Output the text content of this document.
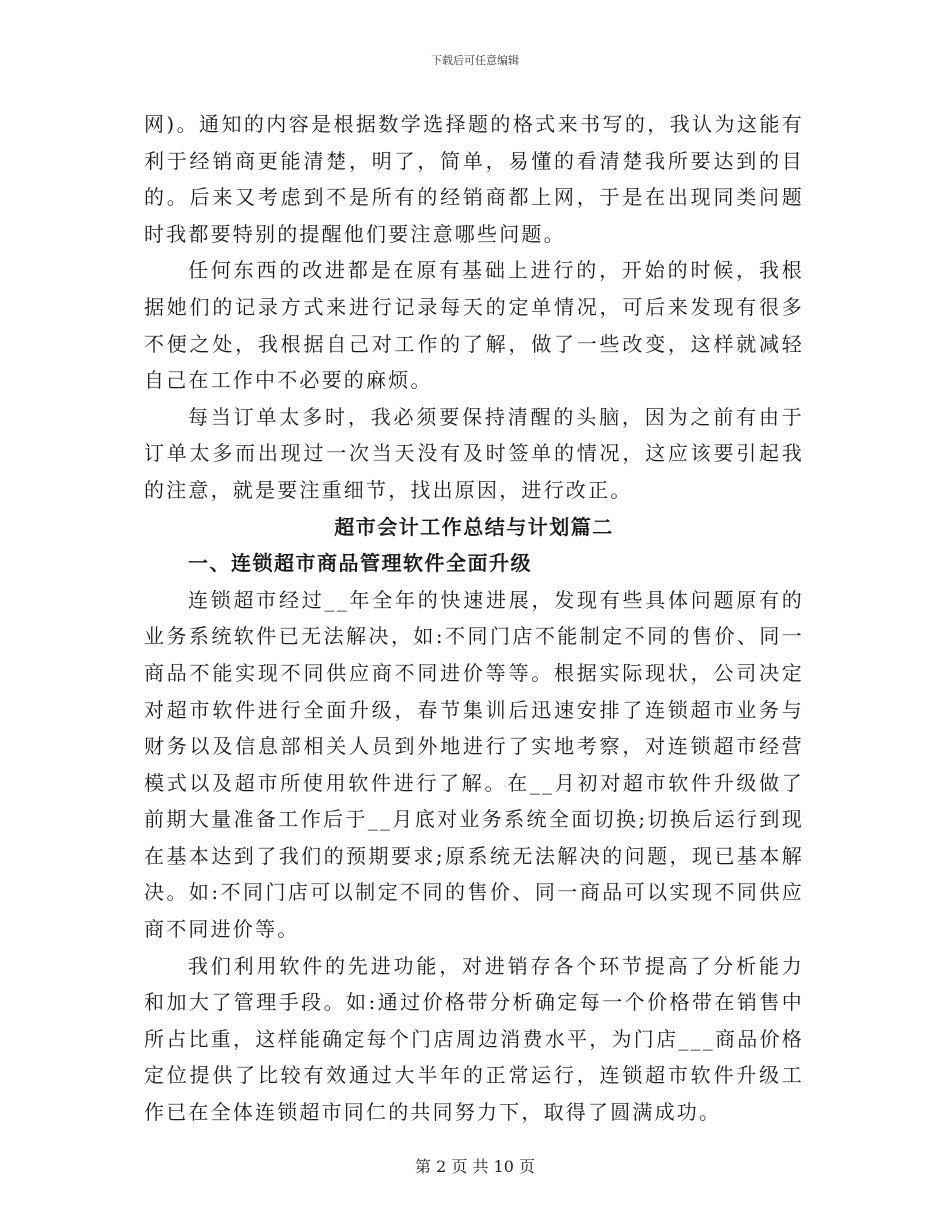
下载后可任意编辑

网)。通知的内容是根据数学选择题的格式来书写的，我认为这能有利于经销商更能清楚，明了，简单，易懂的看清楚我所要达到的目的。后来又考虑到不是所有的经销商都上网，于是在出现同类问题时我都要特别的提醒他们要注意哪些问题。

任何东西的改进都是在原有基础上进行的，开始的时候，我根据她们的记录方式来进行记录每天的定单情况，可后来发现有很多不便之处，我根据自己对工作的了解，做了一些改变，这样就减轻自己在工作中不必要的麻烦。

每当订单太多时，我必须要保持清醒的头脑，因为之前有由于订单太多而出现过一次当天没有及时签单的情况，这应该要引起我的注意，就是要注重细节，找出原因，进行改正。

超市会计工作总结与计划篇二

一、连锁超市商品管理软件全面升级

连锁超市经过__年全年的快速进展，发现有些具体问题原有的业务系统软件已无法解决，如:不同门店不能制定不同的售价、同一商品不能实现不同供应商不同进价等等。根据实际现状，公司决定对超市软件进行全面升级，春节集训后迅速安排了连锁超市业务与财务以及信息部相关人员到外地进行了实地考察，对连锁超市经营模式以及超市所使用软件进行了解。在__月初对超市软件升级做了前期大量准备工作后于__月底对业务系统全面切换;切换后运行到现在基本达到了我们的预期要求;原系统无法解决的问题，现已基本解决。如:不同门店可以制定不同的售价、同一商品可以实现不同供应商不同进价等。

我们利用软件的先进功能，对进销存各个环节提高了分析能力和加大了管理手段。如:通过价格带分析确定每一个价格带在销售中所占比重，这样能确定每个门店周边消费水平，为门店___商品价格定位提供了比较有效通过大半年的正常运行，连锁超市软件升级工作已在全体连锁超市同仁的共同努力下，取得了圆满成功。

第 2 页 共 10 页
